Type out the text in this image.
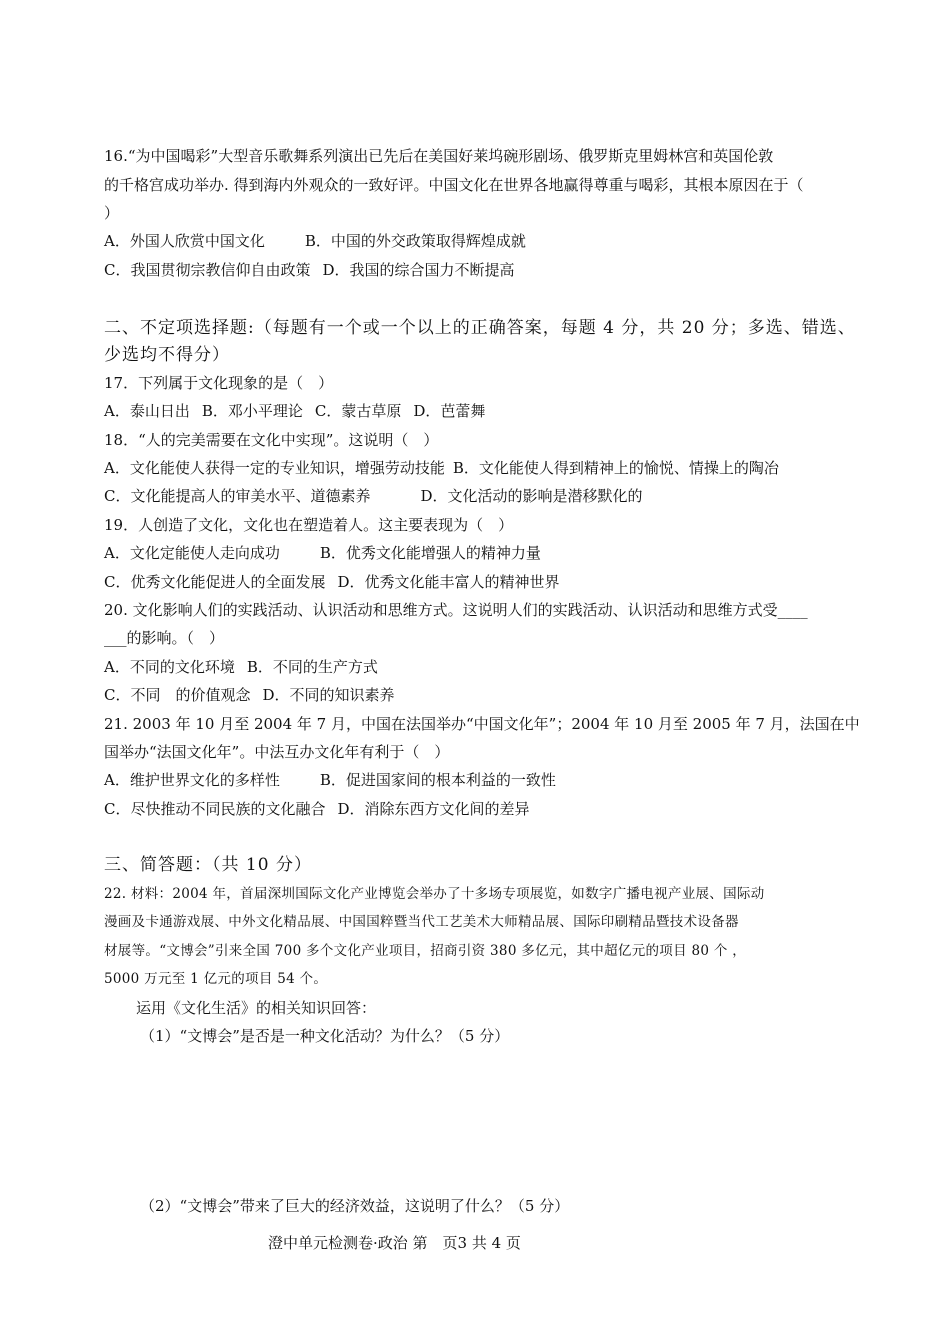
16.“为中国喝彩”大型音乐歌舞系列演出已先后在美国好莱坞碗形剧场、俄罗斯克里姆林宫和英国伦敦
的千格宫成功举办. 得到海内外观众的一致好评。中国文化在世界各地赢得尊重与喝彩，其根本原因在于（
）
A．外国人欣赏中国文化	B．中国的外交政策取得辉煌成就
C．我国贯彻宗教信仰自由政策 D．我国的综合国力不断提高
二、不定项选择题:（每题有一个或一个以上的正确答案，每题 4 分，共 20 分；多选、错选、
少选均不得分）
17．下列属于文化现象的是（　）
A．泰山日出 B．邓小平理论 C．蒙古草原 D．芭蕾舞
18．“人的完美需要在文化中实现”。这说明（　）
A．文化能使人获得一定的专业知识，增强劳动技能 B．文化能使人得到精神上的愉悦、情操上的陶冶
C．文化能提高人的审美水平、道德素养	D．文化活动的影响是潜移默化的
19．人创造了文化，文化也在塑造着人。这主要表现为（　）
A．文化定能使人走向成功	B．优秀文化能增强人的精神力量
C．优秀文化能促进人的全面发展 D．优秀文化能丰富人的精神世界
20. 文化影响人们的实践活动、认识活动和思维方式。这说明人们的实践活动、认识活动和思维方式受____
___的影响。（　）
A．不同的文化环境 B．不同的生产方式
C．不同　的价值观念 D．不同的知识素养
21. 2003 年 10 月至 2004 年 7 月，中国在法国举办“中国文化年”；2004 年 10 月至 2005 年 7 月，法国在中
国举办“法国文化年”。中法互办文化年有利于（　）
A．维护世界文化的多样性	B．促进国家间的根本利益的一致性
C．尽快推动不同民族的文化融合 D．消除东西方文化间的差异
三、简答题：（共 10 分）
22. 材料：2004 年，首届深圳国际文化产业博览会举办了十多场专项展览，如数字广播电视产业展、国际动
漫画及卡通游戏展、中外文化精品展、中国国粹暨当代工艺美术大师精品展、国际印刷精品暨技术设备器
材展等。“文博会”引来全国 700 多个文化产业项目，招商引资 380 多亿元，其中超亿元的项目 80 个 ，
5000 万元至 1 亿元的项目 54 个。
运用《文化生活》的相关知识回答：
（1）“文博会”是否是一种文化活动？为什么？（5 分）
（2）“文博会”带来了巨大的经济效益，这说明了什么？（5 分）
澄中单元检测卷·政治 第　页3 共 4 页
